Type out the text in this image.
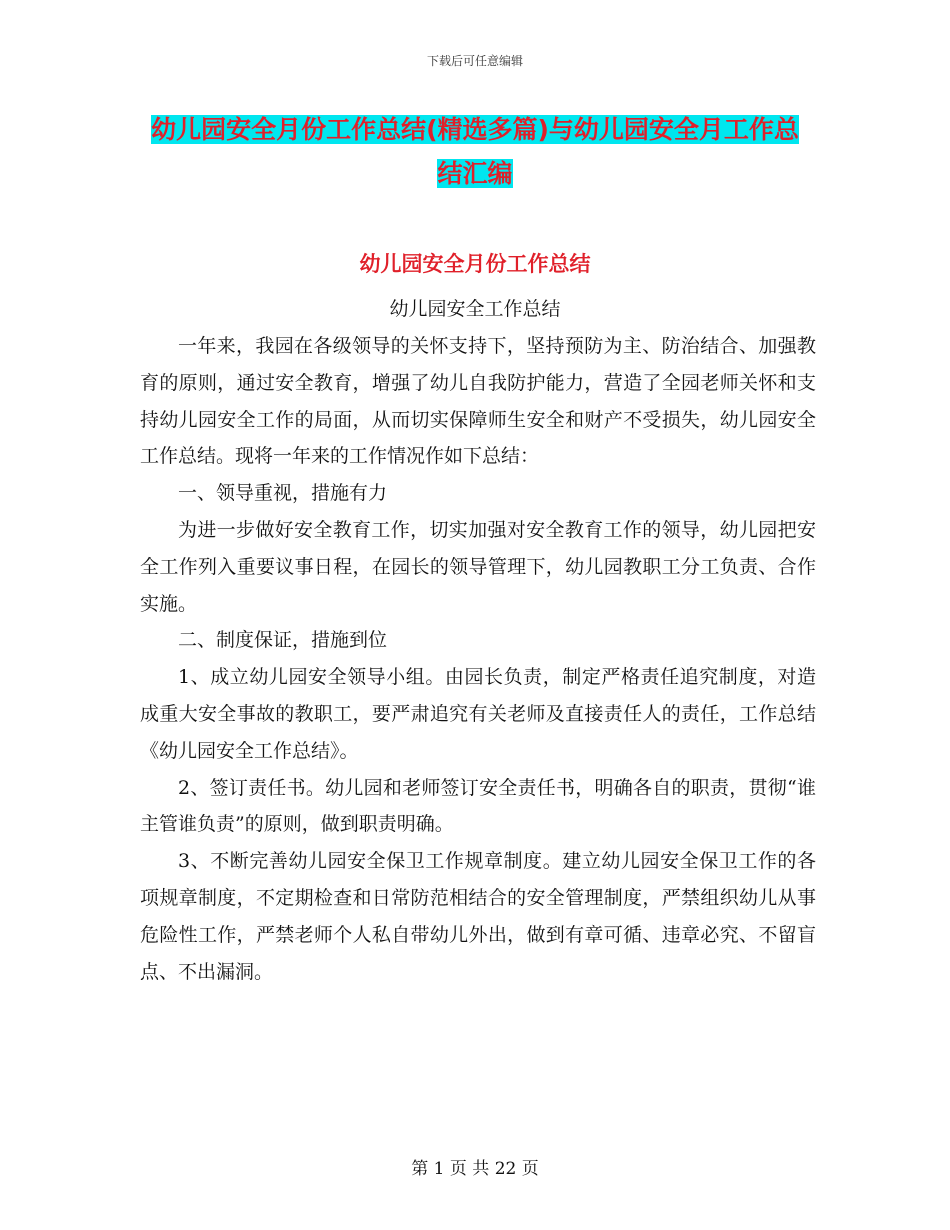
下载后可任意编辑
幼儿园安全月份工作总结(精选多篇)与幼儿园安全月工作总结汇编
幼儿园安全月份工作总结
幼儿园安全工作总结

一年来，我园在各级领导的关怀支持下，坚持预防为主、防治结合、加强教育的原则，通过安全教育，增强了幼儿自我防护能力，营造了全园老师关怀和支持幼儿园安全工作的局面，从而切实保障师生安全和财产不受损失，幼儿园安全工作总结。现将一年来的工作情况作如下总结：

一、领导重视，措施有力

为进一步做好安全教育工作，切实加强对安全教育工作的领导，幼儿园把安全工作列入重要议事日程，在园长的领导管理下，幼儿园教职工分工负责、合作实施。

二、制度保证，措施到位

1、成立幼儿园安全领导小组。由园长负责，制定严格责任追究制度，对造成重大安全事故的教职工，要严肃追究有关老师及直接责任人的责任，工作总结《幼儿园安全工作总结》。

2、签订责任书。幼儿园和老师签订安全责任书，明确各自的职责，贯彻“谁主管谁负责”的原则，做到职责明确。

3、不断完善幼儿园安全保卫工作规章制度。建立幼儿园安全保卫工作的各项规章制度，不定期检查和日常防范相结合的安全管理制度，严禁组织幼儿从事危险性工作，严禁老师个人私自带幼儿外出，做到有章可循、违章必究、不留盲点、不出漏洞。

第 1 页 共 22 页
